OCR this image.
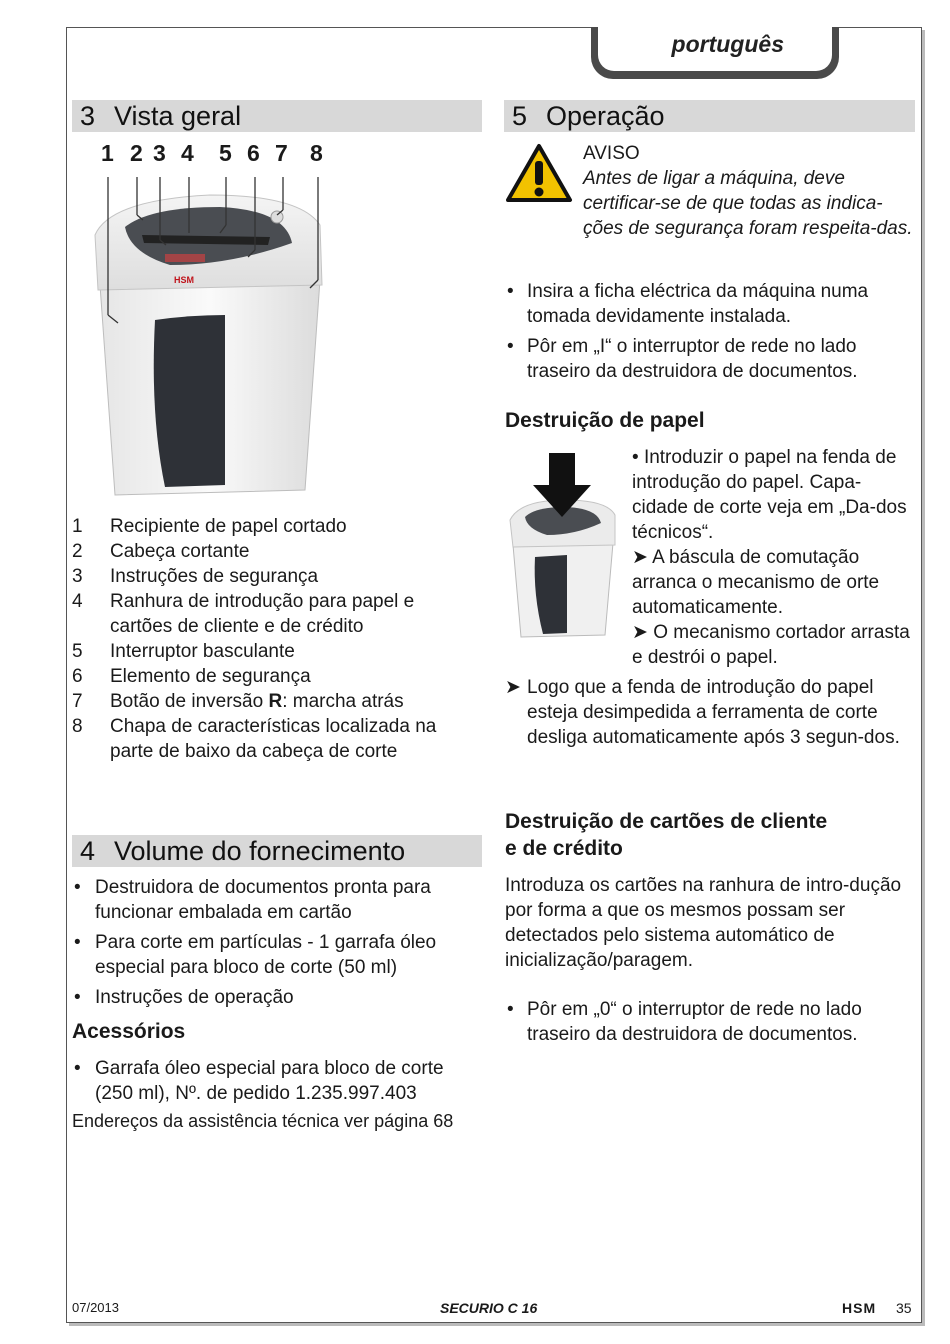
português
3 Vista geral
1 2 3 4 5 6 7 8
HSM
1	Recipiente de papel cortado
2	Cabeça cortante
3	Instruções de segurança
4	Ranhura de introdução para papel e cartões de cliente e de crédito
5	Interruptor basculante
6	Elemento de segurança
7	Botão de inversão R: marcha atrás
8	Chapa de características localizada na parte de baixo da cabeça de corte
4 Volume do fornecimento
• Destruidora de documentos pronta para funcionar embalada em cartão
• Para corte em partículas - 1 garrafa óleo especial para bloco de corte (50 ml)
• Instruções de operação
Acessórios
• Garrafa óleo especial para bloco de corte (250 ml), Nº. de pedido 1.235.997.403
Endereços da assistência técnica ver página 68
5 Operação
AVISO
Antes de ligar a máquina, deve certificar-se de que todas as indica-ções de segurança foram respeita-das.
• Insira a ficha eléctrica da máquina numa tomada devidamente instalada.
• Pôr em „I“ o interruptor de rede no lado traseiro da destruidora de documentos.
Destruição de papel
• Introduzir o papel na fenda de introdução do papel. Capa-cidade de corte veja em „Da-dos técnicos“.
➤ A báscula de comutação arranca o mecanismo de orte automaticamente.
➤ O mecanismo cortador arrasta e destrói o papel.
➤ Logo que a fenda de introdução do papel esteja desimpedida a ferramenta de corte desliga automaticamente após 3 segun-dos.
Destruição de cartões de cliente
e de crédito
Introduza os cartões na ranhura de intro-dução por forma a que os mesmos possam ser detectados pelo sistema automático de inicialização/paragem.
• Pôr em „0“ o interruptor de rede no lado traseiro da destruidora de documentos.
07/2013	SECURIO C 16	HSM 35
